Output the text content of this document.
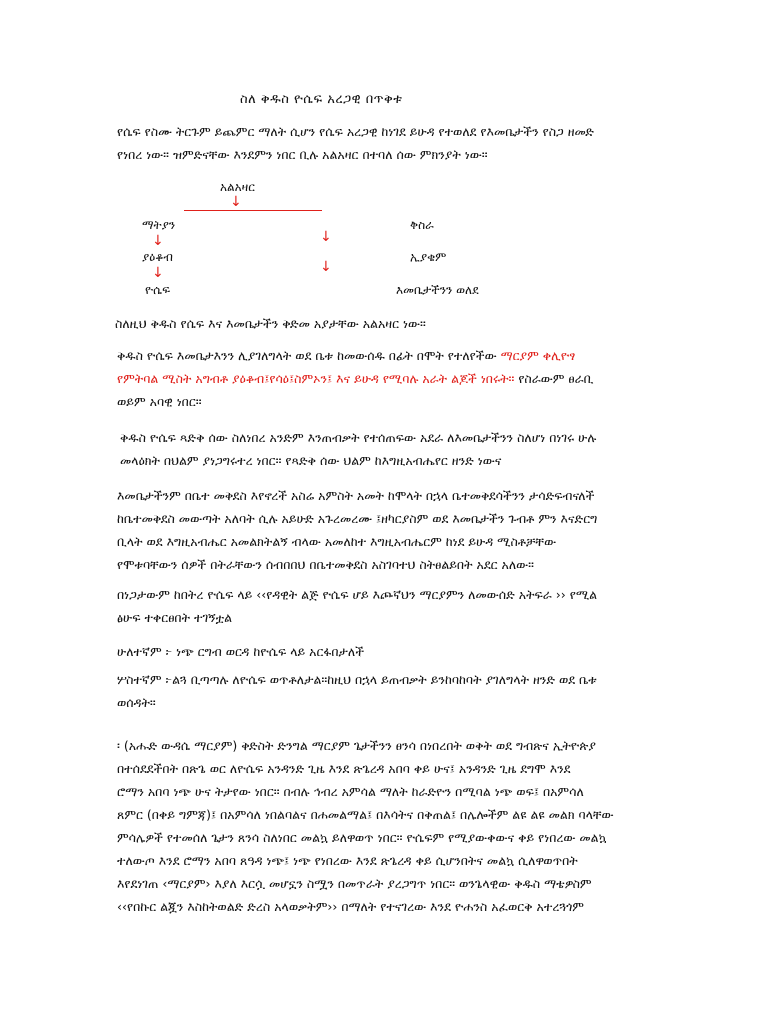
ስለ ቅዱስ ዮሴፍ አረጋዊ በጥቅቱ
የሴፍ የስሙ ትርጉም ይጨምር ማለት ሲሆን የሴፍ አረጋዊ ከነገደ ይሁዳ የተወለደ የእመቤታችን የስጋ ዘመድ
የነበረ ነው። ዝምድናቸው እንደምን ነበር ቢሉ አልአዛር በተባለ ሰው ምክንያት ነው።
አልአዛር
↓
ማትያን
↓
ያዕቆብ
↓
ዮሴፍ
↓
↓
ቅስራ
ኢያቄም
እመቤታችንን ወለደ
ስለዚህ ቅዱስ የሴፍ እና እመቤታችን ቅድመ አያታቸው አልአዛር ነው።
ቅዱስ ዮሴፍ እመቤታእንን ሊያገለግላት ወደ ቤቱ ከመውሰዱ በፊት በሞት የተለየችው ማርያም ቀሊዮፃ
የምትባል ሚስት አግብቶ ያዕቆብ፤የሳዕ፤ስምኦን፤ እና ይሁዳ የሚባሉ አራት ልጆች ነበሩት። የስራውም ፀራቢ
ወይም አባዊ ነበር።
ቅዱስ ዮሴፍ ጻድቅ ሰው ስለነበረ አንድም እንጠብቃት የተሰጠፍው አደራ ለእመቤታችንን ስለሆነ በነገሩ ሁሉ
መላዕክት በህልም ያነጋግሩተረ ነበር። የጻድቅ ሰው ህልም ከእግዚአብሔየር ዘንድ ነውና
እመቤታችንም በቤተ መቅደስ እየኖረች አስሬ አምስት አመት ከሞላት በኋላ ቤተመቅደሳችንን ታሳድፍብናለች
ከቤተመቅደስ መውጣት አለባት ሲሉ አይሁድ አጉረመረሙ ፤ዘካርያስም ወደ እመቤታችን ጉብቶ ምን እናድርግ
ቢላት ወደ እግዚአብሔር አመልክትልኝ ብላው አመለከተ እግዚአብሔርም ከነደ ይሁዳ ሚስቶቻቸው
የሞቱባቸውን ሰዎች በትራቸውን ሰብበበህ በቤተመቅደስ አስገባተህ ስትፀልይበት አደር አለው።
በነጋታውም ከበትረ ዮሴፍ ላይ ‹‹የዳዊት ልጅ ዮሴፍ ሆይ እጮኛህን ማርያምን ለመውሰድ አትፍራ ›› የሚል
ፅሁፍ ተቀርፀበት ተገኝቷል
ሁለተኛም ፦ ነጭ ርግብ ወርዳ ከዮሴፍ ላይ አርፋበታለች
ሦስተኛም ፦ልጓ ቢጣጣሉ ለዮሴፍ ወጥቶለታል።ከዚህ በኋላ ይጠብቃት ይንከባከባት ያገለግላት ዘንድ ወደ ቤቱ
ወሰዳት።
፡ (አሑድ ውዳሴ ማርያም) ቅድስት ድንግል ማርያም ጌታችንን ፀንሳ በነበረበት ወቅት ወደ ግብጽና ኢትዮጵያ
በተሰደደችበት በጽጌ ወር ለዮሴፍ አንዳንድ ጊዜ እንደ ጽጌረዳ አበባ ቀይ ሁና፤ አንዳንድ ጊዜ ደግሞ እንደ
ሮማን አበባ ነጭ ሁና ትታየው ነበር። በብሉ ኅብረ አምሳል ማለት ከራድዮን በሚባል ነጭ ወፍ፤ በአምሳለ
ጸምር (በቀይ ግምጃ)፤ በአምሳለ ነበልባልና በሐመልማል፤ በእሳትና በቅጠል፤ በሌሎችም ልዩ ልዩ መልክ ባላቸው
ምሳሌዎች የተመሰለ ጌታን ጸንሳ ስለነበር መልኳ ይለዋወጥ ነበር። ዮሴፍም የሚያውቀውና ቀይ የነበረው መልኳ
ተለውጦ እንደ ሮማን አበባ ጸዓዳ ነጭ፤ ነጭ የነበረው እንደ ጽጌረዳ ቀይ ሲሆንበትና መልኳ ሲለዋወጥበት
እየደነገጠ ‹ማርያም› እያለ እርሷ መሆኗን ስሟን በመጥራት ያረጋግጥ ነበር። ወንጌላዊው ቅዱስ ማቴዎስም
‹‹የበኩር ልጇን እስከትወልድ ድረስ አላወቃትም›› በማለት የተናገረው እንደ ዮሐንስ አፈወርቅ አተረጓጎም
